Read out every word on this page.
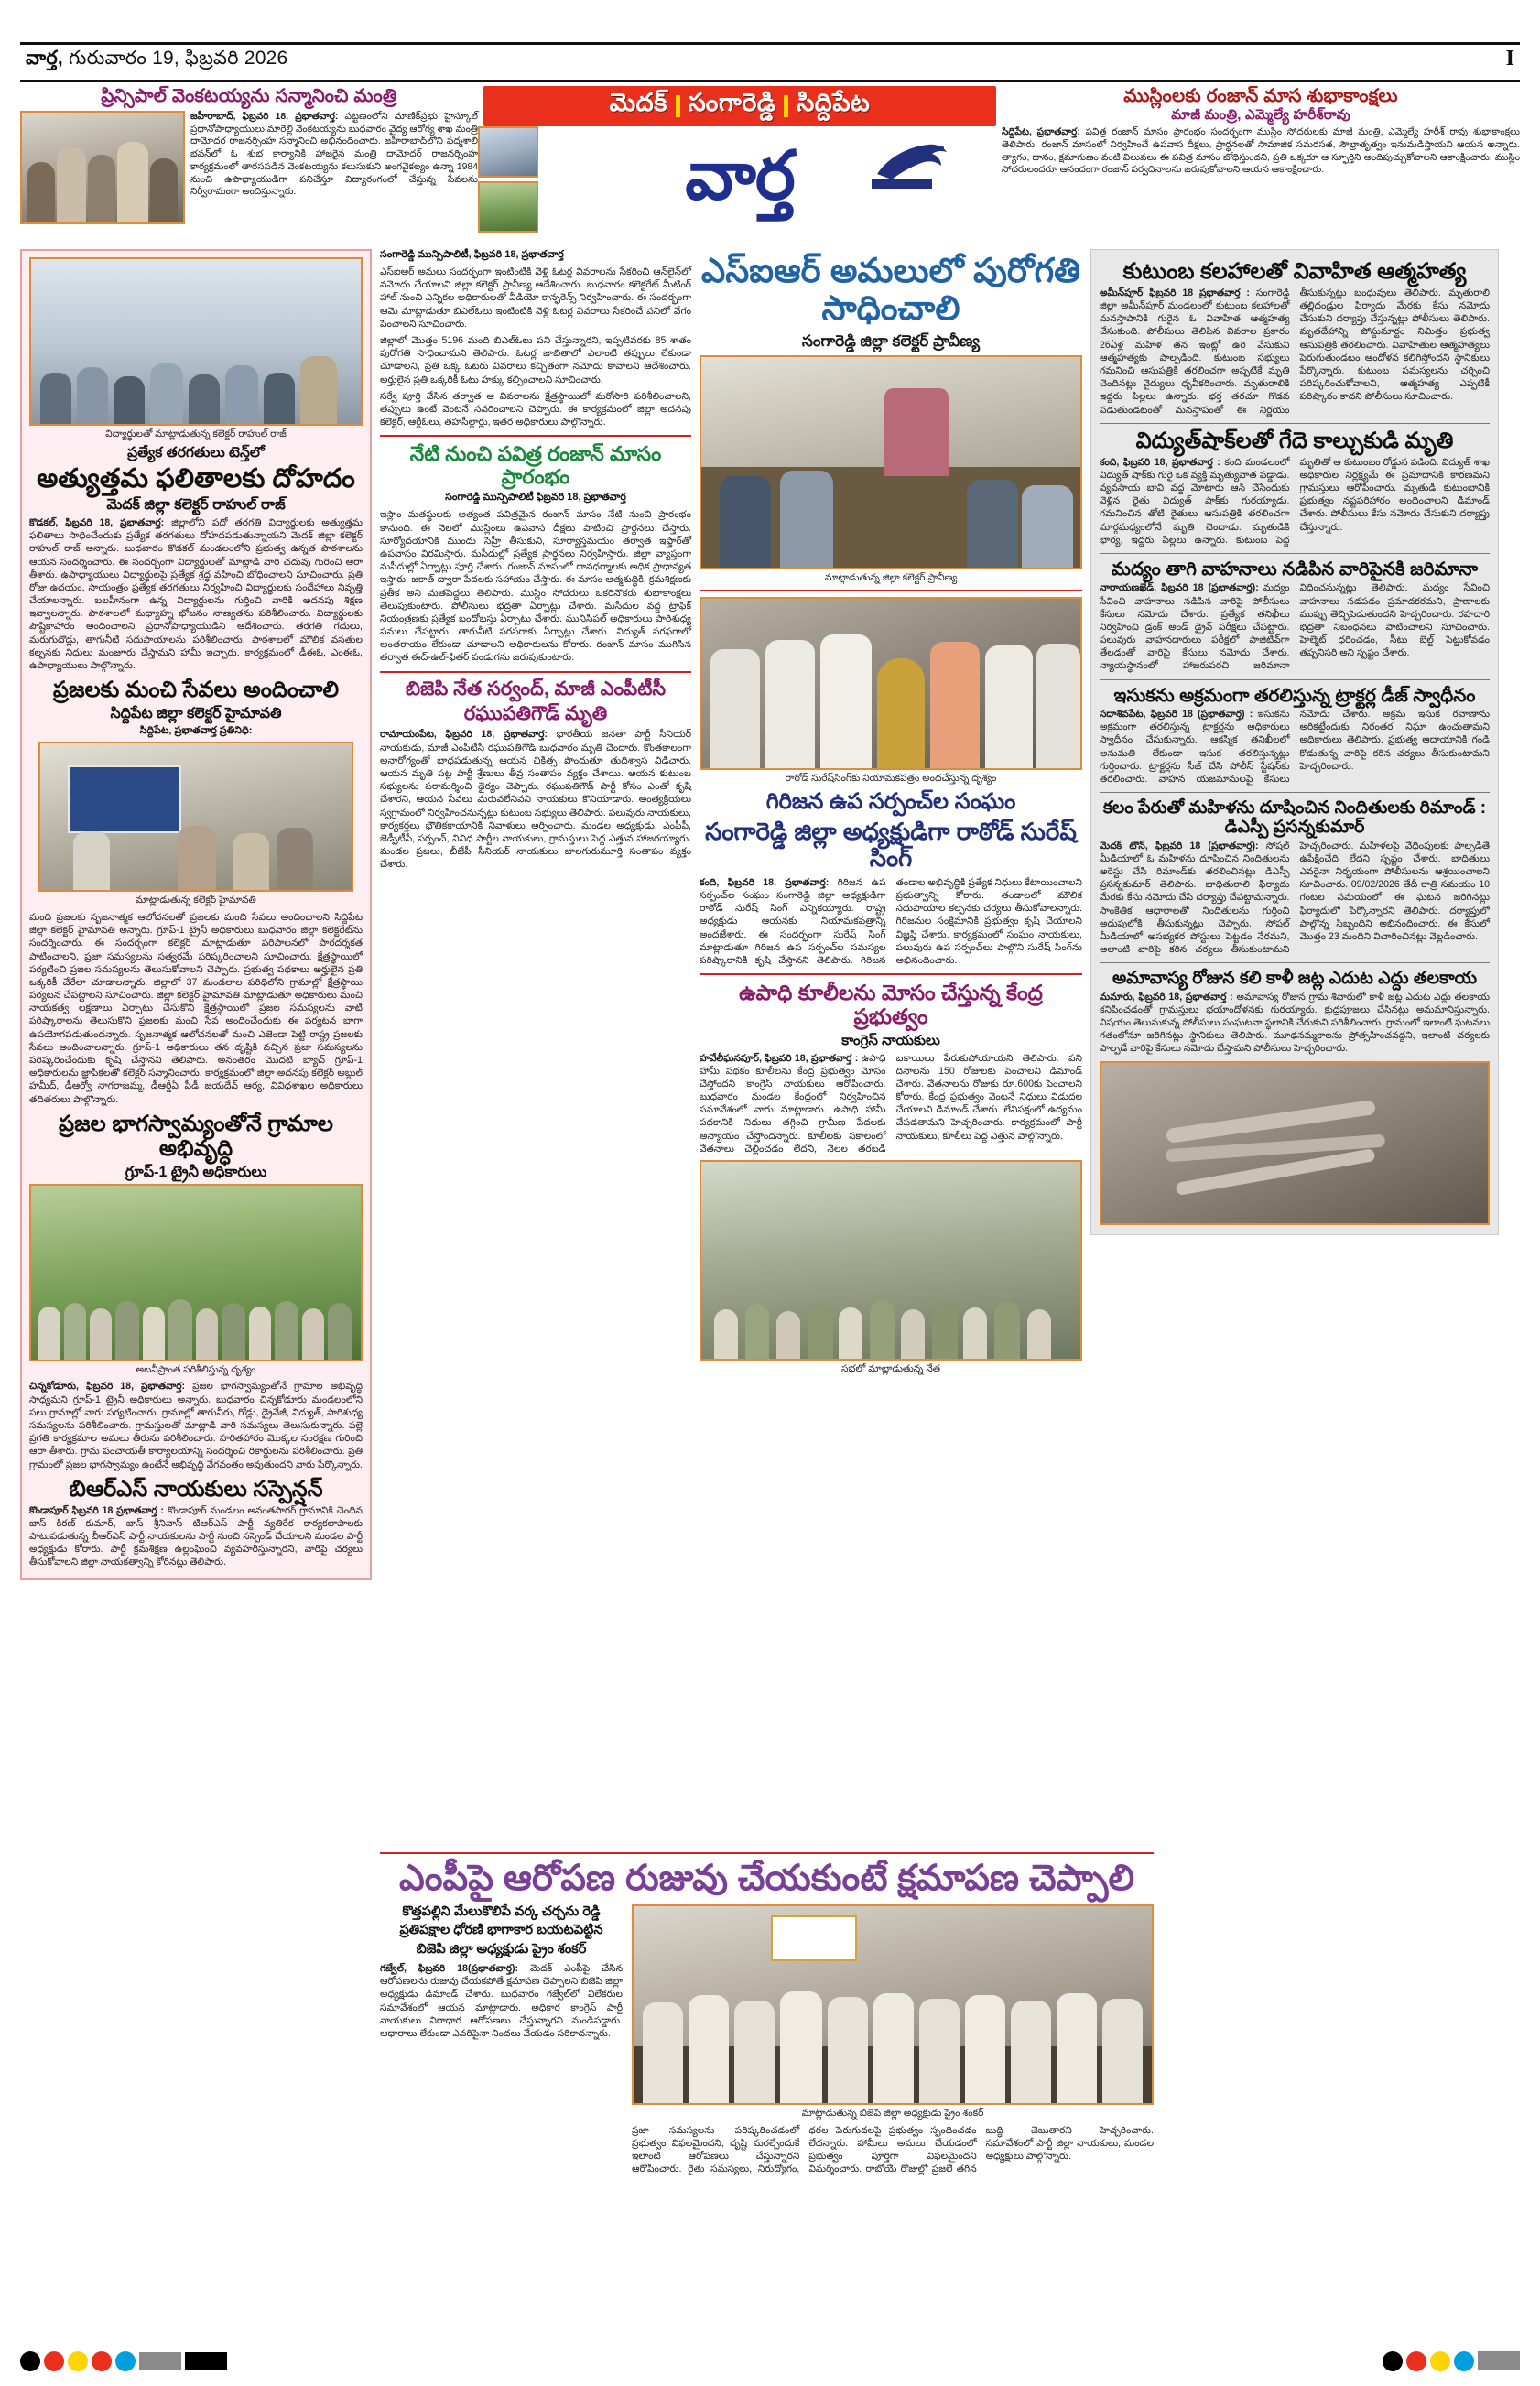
వార్త, గురువారం 19, ఫిబ్రవరి 2026	I
ప్రిన్సిపాల్ వెంకటయ్యను సన్మానించి మంత్రి
జహీరాబాద్, ఫిబ్రవరి 18, ప్రభాతవార్త: పట్టణంలోని మాణిక్‌ప్రభు హైస్కూల్ ప్రధానోపాధ్యాయులు మారెల్లి వెంకటయ్యను బుధవారం వైద్య ఆరోగ్య శాఖ మంత్రి దామోదర రాజనర్సింహ సన్మానించి అభినందించారు. జహీరాబాద్‌లోని పద్మశాలి భవన్‌లో ఓ శుభ కార్యానికి హాజరైన మంత్రి దామోదర్ రాజనర్సింహ కార్యక్రమంలో తారసపడిన వెంకటయ్యను కలుసుకుని అంగవైకల్యం ఉన్నా 1984 నుంచి ఉపాధ్యాయుడిగా పనిచేస్తూ విద్యారంగంలో చేస్తున్న సేవలను నిర్వీరామంగా అందిస్తున్నారు.
మెదక్ సంగారెడ్డి సిద్దిపేట
వార్త
ముస్లింలకు రంజాన్ మాస శుభాకాంక్షలు
మాజీ మంత్రి, ఎమ్మెల్యే హరీశ్‌రావు
సిద్దిపేట, ప్రభాతవార్త: పవిత్ర రంజాన్ మాసం ప్రారంభం సందర్భంగా ముస్లిం సోదరులకు మాజీ మంత్రి, ఎమ్మెల్యే హరీశ్ రావు శుభాకాంక్షలు తెలిపారు. రంజాన్ మాసంలో నిర్వహించే ఉపవాస దీక్షలు, ప్రార్థనలతో సామాజిక సమరసత, సౌభ్రాతృత్వం ఇనుమడిస్తాయని ఆయన అన్నారు. త్యాగం, దానం, క్షమాగుణం వంటి విలువలు ఈ పవిత్ర మాసం బోధిస్తుందని, ప్రతి ఒక్కరూ ఆ స్ఫూర్తిని అందిపుచ్చుకోవాలని ఆకాంక్షించారు. ముస్లిం సోదరులందరూ ఆనందంగా రంజాన్ పర్వదినాలను జరుపుకోవాలని ఆయన ఆకాంక్షించారు.
విద్యార్థులతో మాట్లాడుతున్న కలెక్టర్ రాహుల్ రాజ్
ప్రత్యేక తరగతులు టెన్త్‌లో
అత్యుత్తమ ఫలితాలకు దోహదం
మెదక్ జిల్లా కలెక్టర్ రాహుల్ రాజ్
కొడకల్, ఫిబ్రవరి 18, ప్రభాతవార్త: జిల్లాలోని పదో తరగతి విద్యార్థులకు అత్యుత్తమ ఫలితాలు సాధించేందుకు ప్రత్యేక తరగతులు దోహదపడుతున్నాయని మెదక్ జిల్లా కలెక్టర్ రాహుల్ రాజ్ అన్నారు. బుధవారం కొడకల్ మండలంలోని ప్రభుత్వ ఉన్నత పాఠశాలను ఆయన సందర్శించారు. ఈ సందర్భంగా విద్యార్థులతో మాట్లాడి వారి చదువు గురించి ఆరా తీశారు. ఉపాధ్యాయులు విద్యార్థులపై ప్రత్యేక శ్రద్ధ వహించి బోధించాలని సూచించారు. ప్రతి రోజు ఉదయం, సాయంత్రం ప్రత్యేక తరగతులు నిర్వహించి విద్యార్థులకు సందేహాలు నివృత్తి చేయాలన్నారు. బలహీనంగా ఉన్న విద్యార్థులను గుర్తించి వారికి అదనపు శిక్షణ ఇవ్వాలన్నారు. పాఠశాలలో మధ్యాహ్న భోజనం నాణ్యతను పరిశీలించారు. విద్యార్థులకు పౌష్టికాహారం అందించాలని ప్రధానోపాధ్యాయుడిని ఆదేశించారు. తరగతి గదులు, మరుగుదొడ్లు, తాగునీటి సదుపాయాలను పరిశీలించారు. పాఠశాలలో మౌలిక వసతుల కల్పనకు నిధులు మంజూరు చేస్తామని హామీ ఇచ్చారు. కార్యక్రమంలో డీఈఓ, ఎంఈఓ, ఉపాధ్యాయులు పాల్గొన్నారు.
ప్రజలకు మంచి సేవలు అందించాలి
సిద్దిపేట జిల్లా కలెక్టర్ హైమావతి
సిద్దిపేట, ప్రభాతవార్త ప్రతినిధి:
మాట్లాడుతున్న కలెక్టర్ హైమావతి
మంది ప్రజలకు సృజనాత్మక ఆలోచనలతో ప్రజలకు మంచి సేవలు అందించాలని సిద్దిపేట జిల్లా కలెక్టర్ హైమావతి అన్నారు. గ్రూప్-1 ట్రైనీ అధికారులు బుధవారం జిల్లా కలెక్టరేట్‌ను సందర్శించారు. ఈ సందర్భంగా కలెక్టర్ మాట్లాడుతూ పరిపాలనలో పారదర్శకత పాటించాలని, ప్రజా సమస్యలను సత్వరమే పరిష్కరించాలని సూచించారు. క్షేత్రస్థాయిలో పర్యటించి ప్రజల సమస్యలను తెలుసుకోవాలని చెప్పారు. ప్రభుత్వ పథకాలు అర్హులైన ప్రతి ఒక్కరికీ చేరేలా చూడాలన్నారు. జిల్లాలో 37 మండలాల పరిధిలోని గ్రామాల్లో క్షేత్రస్థాయి పర్యటన చేపట్టాలని సూచించారు. జిల్లా కలెక్టర్ హైమావతి మాట్లాడుతూ అధికారులు మంచి నాయకత్వ లక్షణాలు ఏర్పాటు చేసుకొని క్షేత్రస్థాయిలో ప్రజల సమస్యలను వాటి పరిష్కారాలను తెలుసుకొని ప్రజలకు మంచి సేవ అందించేందుకు ఈ పర్యటన బాగా ఉపయోగపడుతుందన్నారు. సృజనాత్మక ఆలోచనలతో మంచి ఎజెండా పెట్టి రాష్ట్ర ప్రజలకు సేవలు అందించాలన్నారు. గ్రూప్-1 అధికారులు తన దృష్టికి వచ్చిన ప్రజా సమస్యలను పరిష్కరించేందుకు కృషి చేస్తానని తెలిపారు. అనంతరం మొదటి బ్యాచ్ గ్రూప్-1 అధికారులను జ్ఞాపికలతో కలెక్టర్ సన్మానించారు. కార్యక్రమంలో జిల్లా అదనపు కలెక్టర్ అబ్దుల్ హమీద్, డీఆర్వో నాగరాజమ్మ, డీఆర్డీఏ పీడీ జయదేవ్ ఆర్య, వివిధశాఖల అధికారులు తదితరులు పాల్గొన్నారు.
ప్రజల భాగస్వామ్యంతోనే గ్రామాల అభివృద్ధి
గ్రూప్-1 ట్రైనీ అధికారులు
అటవీప్రాంత పరిశీలిస్తున్న దృశ్యం
చిన్నకోడూరు, ఫిబ్రవరి 18, ప్రభాతవార్త: ప్రజల భాగస్వామ్యంతోనే గ్రామాల అభివృద్ధి సాధ్యమని గ్రూప్-1 ట్రైనీ అధికారులు అన్నారు. బుధవారం చిన్నకోడూరు మండలంలోని పలు గ్రామాల్లో వారు పర్యటించారు. గ్రామాల్లో తాగునీరు, రోడ్లు, డ్రైనేజీ, విద్యుత్, పారిశుధ్య సమస్యలను పరిశీలించారు. గ్రామస్తులతో మాట్లాడి వారి సమస్యలు తెలుసుకున్నారు. పల్లె ప్రగతి కార్యక్రమాల అమలు తీరును పరిశీలించారు. హరితహారం మొక్కల సంరక్షణ గురించి ఆరా తీశారు. గ్రామ పంచాయతీ కార్యాలయాన్ని సందర్శించి రికార్డులను పరిశీలించారు. ప్రతి గ్రామంలో ప్రజల భాగస్వామ్యం ఉంటేనే అభివృద్ధి వేగవంతం అవుతుందని వారు పేర్కొన్నారు.
బిఆర్ఎస్ నాయకులు సస్పెన్షన్
కొండాపూర్ ఫిబ్రవరి 18 ప్రభాతవార్త : కొండాపూర్ మండలం అనంతసాగర్ గ్రామానికి చెందిన బాస్ కిరణ్ కుమార్, బాస్ శ్రీనివాస్ టిఆర్ఎస్ పార్టీ వ్యతిరేక కార్యకలాపాలకు పాటుపడుతున్న బీఆర్ఎస్ పార్టీ నాయకులను పార్టీ నుంచి సస్పెండ్ చేయాలని మండల పార్టీ అధ్యక్షుడు కోరారు. పార్టీ క్రమశిక్షణ ఉల్లంఘించి వ్యవహరిస్తున్నారని, వారిపై చర్యలు తీసుకోవాలని జిల్లా నాయకత్వాన్ని కోరినట్లు తెలిపారు.
సంగారెడ్డి మున్సిపాలిటీ, ఫిబ్రవరి 18, ప్రభాతవార్త
ఎస్ఐఆర్ అమలు సందర్భంగా ఇంటింటికి వెళ్లి ఓటర్ల వివరాలను సేకరించి ఆన్‌లైన్‌లో నమోదు చేయాలని జిల్లా కలెక్టర్ ప్రావీణ్య ఆదేశించారు. బుధవారం కలెక్టరేట్ మీటింగ్ హాల్ నుంచి ఎన్నికల అధికారులతో వీడియో కాన్ఫరెన్స్ నిర్వహించారు. ఈ సందర్భంగా ఆమె మాట్లాడుతూ బిఎల్ఓలు ఇంటింటికి వెళ్లి ఓటర్ల వివరాలు సేకరించే పనిలో వేగం పెంచాలని సూచించారు.
జిల్లాలో మొత్తం 5196 మంది బిఎల్ఓలు పని చేస్తున్నారని, ఇప్పటివరకు 85 శాతం పురోగతి సాధించామని తెలిపారు. ఓటర్ల జాబితాలో ఎలాంటి తప్పులు లేకుండా చూడాలని, ప్రతి ఒక్క ఓటరు వివరాలు కచ్చితంగా నమోదు కావాలని ఆదేశించారు. అర్హులైన ప్రతి ఒక్కరికీ ఓటు హక్కు కల్పించాలని సూచించారు.
సర్వే పూర్తి చేసిన తర్వాత ఆ వివరాలను క్షేత్రస్థాయిలో మరోసారి పరిశీలించాలని, తప్పులు ఉంటే వెంటనే సవరించాలని చెప్పారు. ఈ కార్యక్రమంలో జిల్లా అదనపు కలెక్టర్, ఆర్డీఓలు, తహసీల్దార్లు, ఇతర అధికారులు పాల్గొన్నారు.
నేటి నుంచి పవిత్ర రంజాన్ మాసం ప్రారంభం
సంగారెడ్డి మున్సిపాలిటీ ఫిబ్రవరి 18, ప్రభాతవార్త
ఇస్లాం మతస్థులకు అత్యంత పవిత్రమైన రంజాన్ మాసం నేటి నుంచి ప్రారంభం కానుంది. ఈ నెలలో ముస్లింలు ఉపవాస దీక్షలు పాటించి ప్రార్థనలు చేస్తారు. సూర్యోదయానికి ముందు సెహ్రీ తీసుకుని, సూర్యాస్తమయం తర్వాత ఇఫ్తార్‌తో ఉపవాసం విరమిస్తారు. మసీదుల్లో ప్రత్యేక ప్రార్థనలు నిర్వహిస్తారు. జిల్లా వ్యాప్తంగా మసీదుల్లో ఏర్పాట్లు పూర్తి చేశారు. రంజాన్ మాసంలో దానధర్మాలకు అధిక ప్రాధాన్యత ఇస్తారు. జకాత్ ద్వారా పేదలకు సహాయం చేస్తారు. ఈ మాసం ఆత్మశుద్ధికి, క్రమశిక్షణకు ప్రతీక అని మతపెద్దలు తెలిపారు. ముస్లిం సోదరులు ఒకరినొకరు శుభాకాంక్షలు తెలుపుకుంటారు. పోలీసులు భద్రతా ఏర్పాట్లు చేశారు. మసీదుల వద్ద ట్రాఫిక్ నియంత్రణకు ప్రత్యేక బందోబస్తు ఏర్పాటు చేశారు. మునిసిపల్ అధికారులు పారిశుధ్య పనులు చేపట్టారు. తాగునీటి సరఫరాకు ఏర్పాట్లు చేశారు. విద్యుత్ సరఫరాలో అంతరాయం లేకుండా చూడాలని అధికారులను కోరారు. రంజాన్ మాసం ముగిసిన తర్వాత ఈద్-ఉల్-ఫితర్ పండుగను జరుపుకుంటారు.
బిజెపి నేత సర్వంద్, మాజీ ఎంపీటీసీ
రఘుపతిగౌడ్ మృతి
రామాయంపేట, ఫిబ్రవరి 18, ప్రభాతవార్త: భారతీయ జనతా పార్టీ సీనియర్ నాయకుడు, మాజీ ఎంపీటీసీ రఘుపతిగౌడ్ బుధవారం మృతి చెందారు. కొంతకాలంగా అనారోగ్యంతో బాధపడుతున్న ఆయన చికిత్స పొందుతూ తుదిశ్వాస విడిచారు. ఆయన మృతి పట్ల పార్టీ శ్రేణులు తీవ్ర సంతాపం వ్యక్తం చేశాయి. ఆయన కుటుంబ సభ్యులను పరామర్శించి ధైర్యం చెప్పారు. రఘుపతిగౌడ్ పార్టీ కోసం ఎంతో కృషి చేశారని, ఆయన సేవలు మరువలేనివని నాయకులు కొనియాడారు. అంత్యక్రియలు స్వగ్రామంలో నిర్వహించనున్నట్లు కుటుంబ సభ్యులు తెలిపారు. పలువురు నాయకులు, కార్యకర్తలు భౌతికకాయానికి నివాళులు అర్పించారు. మండల అధ్యక్షుడు, ఎంపీపీ, జెడ్పీటీసీ, సర్పంచ్, వివిధ పార్టీల నాయకులు, గ్రామస్తులు పెద్ద ఎత్తున హాజరయ్యారు. మండల ప్రజలు, బీజేపీ సీనియర్ నాయకులు బాలగురుమూర్తి సంతాపం వ్యక్తం చేశారు.
ఎస్ఐఆర్ అమలులో పురోగతి సాధించాలి
సంగారెడ్డి జిల్లా కలెక్టర్ ప్రావీణ్య
మాట్లాడుతున్న జిల్లా కలెక్టర్ ప్రావీణ్య
రాఠోడ్ సురేష్‌సింగ్‌కు నియామకపత్రం అందచేస్తున్న దృశ్యం
గిరిజన ఉప సర్పంచ్‌ల సంఘం
సంగారెడ్డి జిల్లా అధ్యక్షుడిగా రాఠోడ్ సురేష్ సింగ్
కంది, ఫిబ్రవరి 18, ప్రభాతవార్త: గిరిజన ఉప సర్పంచ్‌ల సంఘం సంగారెడ్డి జిల్లా అధ్యక్షుడిగా రాఠోడ్ సురేష్ సింగ్ ఎన్నికయ్యారు. రాష్ట్ర అధ్యక్షుడు ఆయనకు నియామకపత్రాన్ని అందజేశారు. ఈ సందర్భంగా సురేష్ సింగ్ మాట్లాడుతూ గిరిజన ఉప సర్పంచ్‌ల సమస్యల పరిష్కారానికి కృషి చేస్తానని తెలిపారు. గిరిజన తండాల అభివృద్ధికి ప్రత్యేక నిధులు కేటాయించాలని ప్రభుత్వాన్ని కోరారు. తండాలలో మౌలిక సదుపాయాల కల్పనకు చర్యలు తీసుకోవాలన్నారు. గిరిజనుల సంక్షేమానికి ప్రభుత్వం కృషి చేయాలని విజ్ఞప్తి చేశారు. కార్యక్రమంలో సంఘం నాయకులు, పలువురు ఉప సర్పంచ్‌లు పాల్గొని సురేష్ సింగ్‌ను అభినందించారు.
ఉపాధి కూలీలను మోసం చేస్తున్న కేంద్ర ప్రభుత్వం
కాంగ్రెస్ నాయకులు
హవేలీఘనపూర్, ఫిబ్రవరి 18, ప్రభాతవార్త : ఉపాధి హామీ పథకం కూలీలను కేంద్ర ప్రభుత్వం మోసం చేస్తోందని కాంగ్రెస్ నాయకులు ఆరోపించారు. బుధవారం మండల కేంద్రంలో నిర్వహించిన సమావేశంలో వారు మాట్లాడారు. ఉపాధి హామీ పథకానికి నిధులు తగ్గించి గ్రామీణ పేదలకు అన్యాయం చేస్తోందన్నారు. కూలీలకు సకాలంలో వేతనాలు చెల్లించడం లేదని, నెలల తరబడి బకాయిలు పేరుకుపోయాయని తెలిపారు. పని దినాలను 150 రోజులకు పెంచాలని డిమాండ్ చేశారు. వేతనాలను రోజుకు రూ.600కు పెంచాలని కోరారు. కేంద్ర ప్రభుత్వం వెంటనే నిధులు విడుదల చేయాలని డిమాండ్ చేశారు. లేనిపక్షంలో ఉద్యమం చేపడతామని హెచ్చరించారు. కార్యక్రమంలో పార్టీ నాయకులు, కూలీలు పెద్ద ఎత్తున పాల్గొన్నారు.
సభలో మాట్లాడుతున్న నేత
కుటుంబ కలహాలతో వివాహిత ఆత్మహత్య
అమీన్‌పూర్ ఫిబ్రవరి 18 ప్రభాతవార్త : సంగారెడ్డి జిల్లా అమీన్‌పూర్ మండలంలో కుటుంబ కలహాలతో మనస్తాపానికి గురైన ఓ వివాహిత ఆత్మహత్య చేసుకుంది. పోలీసులు తెలిపిన వివరాల ప్రకారం 26ఏళ్ల మహిళ తన ఇంట్లో ఉరి వేసుకుని ఆత్మహత్యకు పాల్పడింది. కుటుంబ సభ్యులు గమనించి ఆసుపత్రికి తరలించగా అప్పటికే మృతి చెందినట్లు వైద్యులు ధృవీకరించారు. మృతురాలికి ఇద్దరు పిల్లలు ఉన్నారు. భర్త తరచూ గొడవ పడుతుండటంతో మనస్తాపంతో ఈ నిర్ణయం తీసుకున్నట్లు బంధువులు తెలిపారు. మృతురాలి తల్లిదండ్రుల ఫిర్యాదు మేరకు కేసు నమోదు చేసుకుని దర్యాప్తు చేస్తున్నట్లు పోలీసులు తెలిపారు. మృతదేహాన్ని పోస్టుమార్టం నిమిత్తం ప్రభుత్వ ఆసుపత్రికి తరలించారు. వివాహితుల ఆత్మహత్యలు పెరుగుతుండటం ఆందోళన కలిగిస్తోందని స్థానికులు పేర్కొన్నారు. కుటుంబ సమస్యలను చర్చించి పరిష్కరించుకోవాలని, ఆత్మహత్య ఎప్పటికీ పరిష్కారం కాదని పోలీసులు సూచించారు.
విద్యుత్‌షాక్‌లతో గేదె కాల్చుకుడి మృతి
కంది, ఫిబ్రవరి 18, ప్రభాతవార్త : కంది మండలంలో విద్యుత్ షాక్‌కు గురై ఒక వ్యక్తి మృత్యువాత పడ్డాడు. వ్యవసాయ బావి వద్ద మోటారు ఆన్ చేసేందుకు వెళ్లిన రైతు విద్యుత్ షాక్‌కు గురయ్యాడు. గమనించిన తోటి రైతులు ఆసుపత్రికి తరలించగా మార్గమధ్యంలోనే మృతి చెందాడు. మృతుడికి భార్య, ఇద్దరు పిల్లలు ఉన్నారు. కుటుంబ పెద్ద మృతితో ఆ కుటుంబం రోడ్డున పడింది. విద్యుత్ శాఖ అధికారుల నిర్లక్ష్యమే ఈ ప్రమాదానికి కారణమని గ్రామస్తులు ఆరోపించారు. మృతుడి కుటుంబానికి ప్రభుత్వం నష్టపరిహారం అందించాలని డిమాండ్ చేశారు. పోలీసులు కేసు నమోదు చేసుకుని దర్యాప్తు చేస్తున్నారు.
మద్యం తాగి వాహనాలు నడిపిన వారిపైనకి జరిమానా
నారాయణఖేడ్, ఫిబ్రవరి 18 (ప్రభాతవార్త): మద్యం సేవించి వాహనాలు నడిపిన వారిపై పోలీసులు కేసులు నమోదు చేశారు. ప్రత్యేక తనిఖీలు నిర్వహించి డ్రంక్ అండ్ డ్రైవ్ పరీక్షలు చేపట్టారు. పలువురు వాహనదారులు పరీక్షలో పాజిటివ్‌గా తేలడంతో వారిపై కేసులు నమోదు చేశారు. న్యాయస్థానంలో హాజరుపరచి జరిమానా విధించనున్నట్లు తెలిపారు. మద్యం సేవించి వాహనాలు నడపడం ప్రమాదకరమని, ప్రాణాలకు ముప్పు తెచ్చిపెడుతుందని హెచ్చరించారు. రహదారి భద్రతా నిబంధనలు పాటించాలని సూచించారు. హెల్మెట్ ధరించడం, సీటు బెల్ట్ పెట్టుకోవడం తప్పనిసరి అని స్పష్టం చేశారు.
ఇసుకను అక్రమంగా తరలిస్తున్న ట్రాక్టర్ల డీజ్ స్వాధీనం
సదాశివపేట, ఫిబ్రవరి 18 (ప్రభాతవార్త) : ఇసుకను అక్రమంగా తరలిస్తున్న ట్రాక్టర్లను అధికారులు స్వాధీనం చేసుకున్నారు. ఆకస్మిక తనిఖీలలో అనుమతి లేకుండా ఇసుక తరలిస్తున్నట్లు గుర్తించారు. ట్రాక్టర్లను సీజ్ చేసి పోలీస్ స్టేషన్‌కు తరలించారు. వాహన యజమానులపై కేసులు నమోదు చేశారు. అక్రమ ఇసుక రవాణాను అరికట్టేందుకు నిరంతర నిఘా ఉంచుతామని అధికారులు తెలిపారు. ప్రభుత్వ ఆదాయానికి గండి కొడుతున్న వారిపై కఠిన చర్యలు తీసుకుంటామని హెచ్చరించారు.
కలం పేరుతో మహిళను దూషించిన నిందితులకు రిమాండ్ : డిఎస్పీ ప్రసన్నకుమార్
మెదక్ టౌన్, ఫిబ్రవరి 18 (ప్రభాతవార్త): సోషల్ మీడియాలో ఓ మహిళను దూషించిన నిందితులను అరెస్టు చేసి రిమాండ్‌కు తరలించినట్లు డిఎస్పీ ప్రసన్నకుమార్ తెలిపారు. బాధితురాలి ఫిర్యాదు మేరకు కేసు నమోదు చేసి దర్యాప్తు చేపట్టామన్నారు. సాంకేతిక ఆధారాలతో నిందితులను గుర్తించి అదుపులోకి తీసుకున్నట్లు చెప్పారు. సోషల్ మీడియాలో అసభ్యకర పోస్టులు పెట్టడం నేరమని, అలాంటి వారిపై కఠిన చర్యలు తీసుకుంటామని హెచ్చరించారు. మహిళలపై వేధింపులకు పాల్పడితే ఉపేక్షించేది లేదని స్పష్టం చేశారు. బాధితులు ఎవరైనా నిర్భయంగా పోలీసులను ఆశ్రయించాలని సూచించారు. 09/02/2026 తేదీ రాత్రి సమయం 10 గంటల సమయంలో ఈ ఘటన జరిగినట్లు ఫిర్యాదులో పేర్కొన్నారని తెలిపారు. దర్యాప్తులో పాల్గొన్న సిబ్బందిని అభినందించారు. ఈ కేసులో మొత్తం 23 మందిని విచారించినట్లు వెల్లడించారు.
అమావాస్య రోజున కలి కాళీ జట్ల ఎదుట ఎద్దు తలకాయ
మనూరు, ఫిబ్రవరి 18, ప్రభాతవార్త : అమావాస్య రోజున గ్రామ శివారులో కాళీ జట్ల ఎదుట ఎద్దు తలకాయ కనిపించడంతో గ్రామస్తులు భయాందోళనకు గురయ్యారు. క్షుద్రపూజలు చేసినట్లు అనుమానిస్తున్నారు. విషయం తెలుసుకున్న పోలీసులు సంఘటనా స్థలానికి చేరుకుని పరిశీలించారు. గ్రామంలో ఇలాంటి ఘటనలు గతంలోనూ జరిగినట్లు స్థానికులు తెలిపారు. మూఢనమ్మకాలను ప్రోత్సహించవద్దని, ఇలాంటి చర్యలకు పాల్పడే వారిపై కేసులు నమోదు చేస్తామని పోలీసులు హెచ్చరించారు.
ఎంపీపై ఆరోపణ రుజువు చేయకుంటే క్షమాపణ చెప్పాలి
కొత్తపల్లిని మేలుకొలిపే వర్క చర్చను రెడ్డి
ప్రతిపక్షాల ధోరణి భాగాకార బయటపెట్టిన
బిజెపి జిల్లా అధ్యక్షుడు ప్రైం శంకర్
గజ్వేల్, ఫిబ్రవరి 18(ప్రభాతవార్త): మెదక్ ఎంపీపై చేసిన ఆరోపణలను రుజువు చేయకపోతే క్షమాపణ చెప్పాలని బిజెపి జిల్లా అధ్యక్షుడు డిమాండ్ చేశారు. బుధవారం గజ్వేల్‌లో విలేకరుల సమావేశంలో ఆయన మాట్లాడారు. అధికార కాంగ్రెస్ పార్టీ నాయకులు నిరాధార ఆరోపణలు చేస్తున్నారని మండిపడ్డారు. ఆధారాలు లేకుండా ఎవరిపైనా నిందలు వేయడం సరికాదన్నారు.
మాట్లాడుతున్న బిజెపి జిల్లా అధ్యక్షుడు ప్రైం శంకర్
ప్రజా సమస్యలను పరిష్కరించడంలో ప్రభుత్వం విఫలమైందని, దృష్టి మరల్చేందుకే ఇలాంటి ఆరోపణలు చేస్తున్నారని ఆరోపించారు. రైతు సమస్యలు, నిరుద్యోగం, ధరల పెరుగుదలపై ప్రభుత్వం స్పందించడం లేదన్నారు. హామీలు అమలు చేయడంలో ప్రభుత్వం పూర్తిగా విఫలమైందని విమర్శించారు. రాబోయే రోజుల్లో ప్రజలే తగిన బుద్ధి చెబుతారని హెచ్చరించారు. సమావేశంలో పార్టీ జిల్లా నాయకులు, మండల అధ్యక్షులు పాల్గొన్నారు.
